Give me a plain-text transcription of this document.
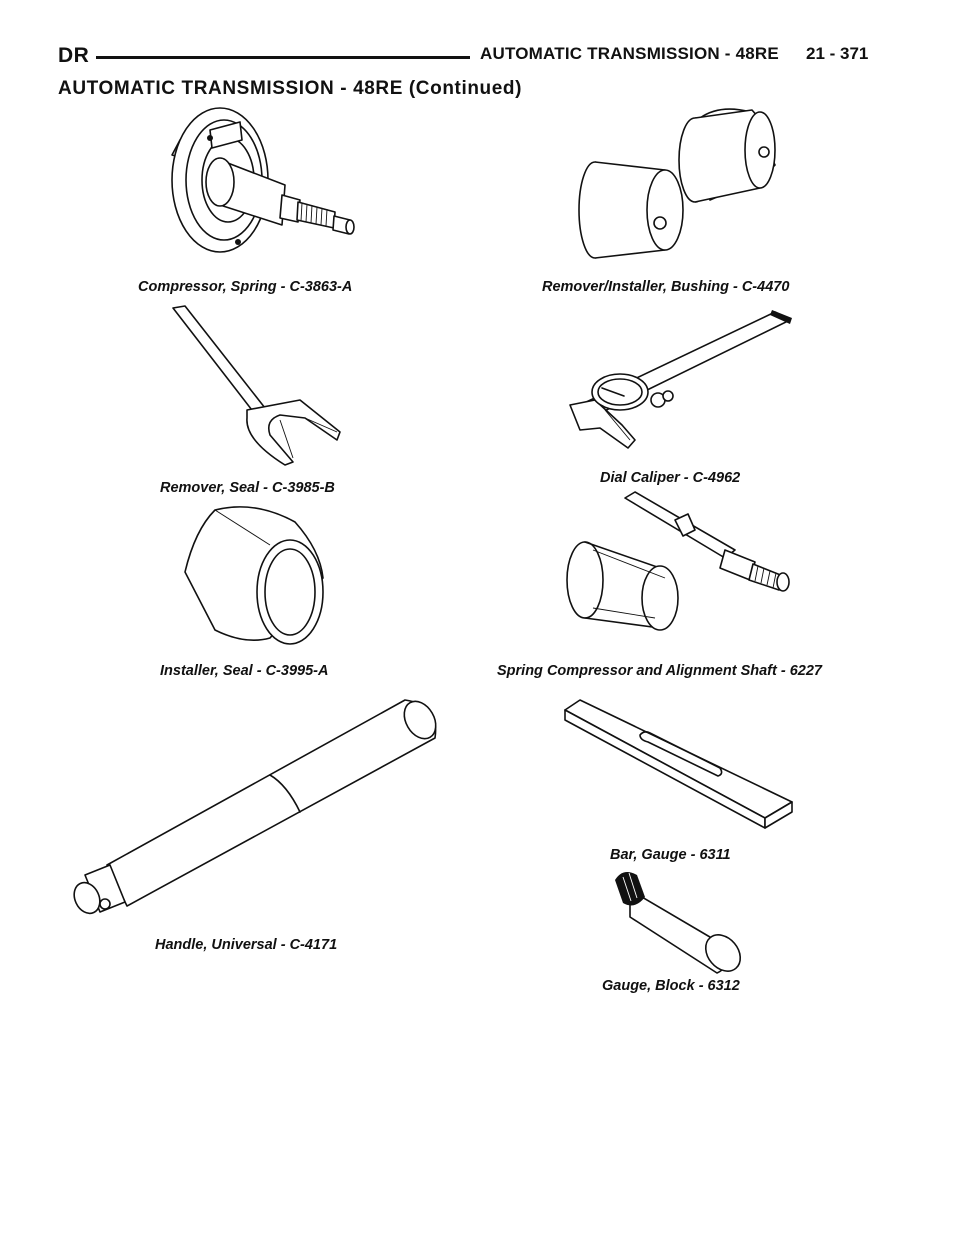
DR	AUTOMATIC TRANSMISSION - 48RE 21 - 371
AUTOMATIC TRANSMISSION - 48RE (Continued)
Compressor, Spring - C-3863-A	Remover/Installer, Bushing - C-4470
Remover, Seal - C-3985-B
Dial Caliper - C-4962
Installer, Seal - C-3995-A	Spring Compressor and Alignment Shaft - 6227
Bar, Gauge - 6311
Handle, Universal - C-4171
Gauge, Block - 6312
